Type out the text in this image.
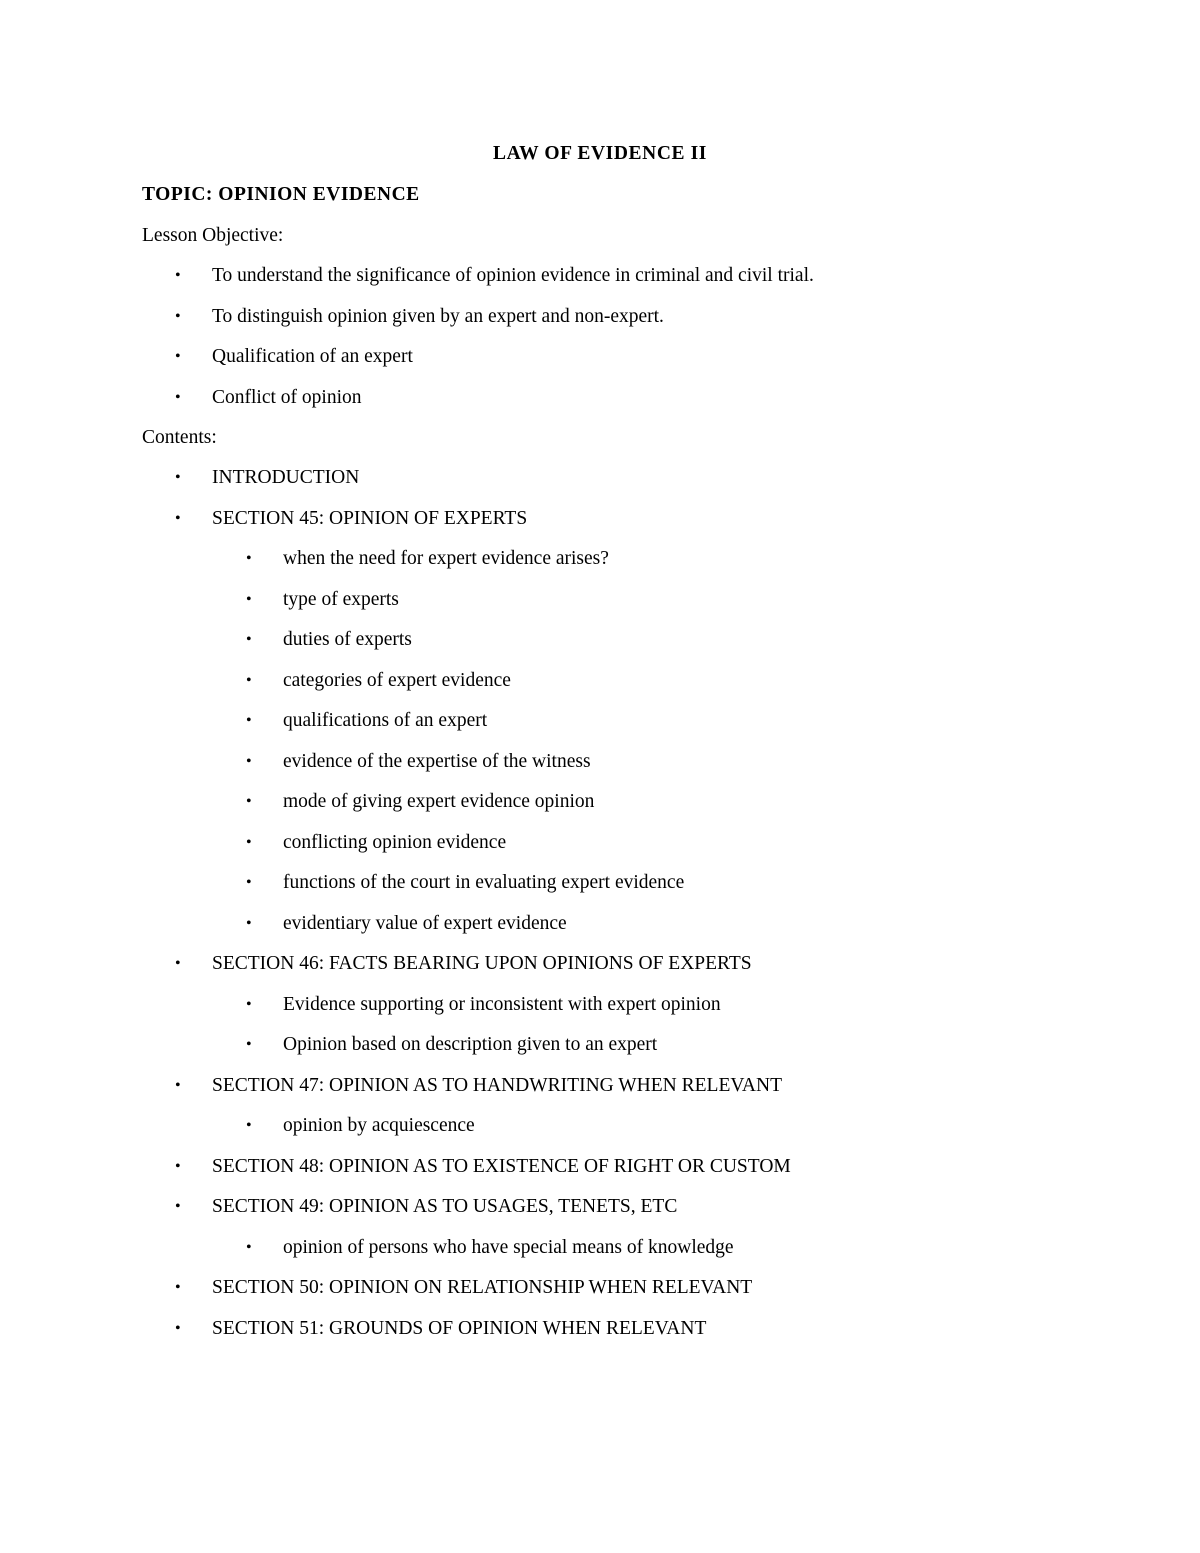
LAW OF EVIDENCE II
TOPIC: OPINION EVIDENCE
Lesson Objective:
• To understand the significance of opinion evidence in criminal and civil trial.
• To distinguish opinion given by an expert and non-expert.
• Qualification of an expert
• Conflict of opinion
Contents:
• INTRODUCTION
• SECTION 45: OPINION OF EXPERTS
• when the need for expert evidence arises?
• type of experts
• duties of experts
• categories of expert evidence
• qualifications of an expert
• evidence of the expertise of the witness
• mode of giving expert evidence opinion
• conflicting opinion evidence
• functions of the court in evaluating expert evidence
• evidentiary value of expert evidence
• SECTION 46: FACTS BEARING UPON OPINIONS OF EXPERTS
• Evidence supporting or inconsistent with expert opinion
• Opinion based on description given to an expert
• SECTION 47: OPINION AS TO HANDWRITING WHEN RELEVANT
• opinion by acquiescence
• SECTION 48: OPINION AS TO EXISTENCE OF RIGHT OR CUSTOM
• SECTION 49: OPINION AS TO USAGES, TENETS, ETC
• opinion of persons who have special means of knowledge
• SECTION 50: OPINION ON RELATIONSHIP WHEN RELEVANT
• SECTION 51: GROUNDS OF OPINION WHEN RELEVANT
